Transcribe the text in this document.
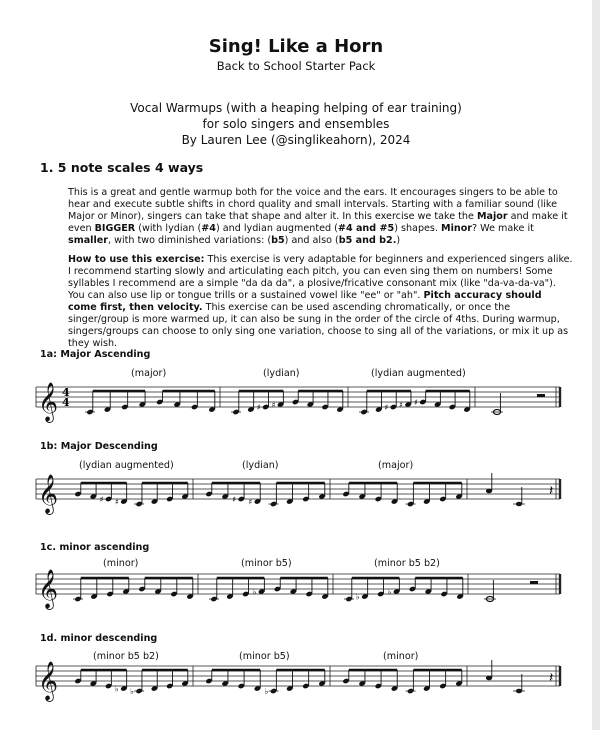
Sing! Like a Horn
Back to School Starter Pack
Vocal Warmups (with a heaping helping of ear training)
for solo singers and ensembles
By Lauren Lee (@singlikeahorn), 2024
1. 5 note scales 4 ways
This is a great and gentle warmup both for the voice and the ears. It encourages singers to be able to hear and execute subtle shifts in chord quality and small intervals. Starting with a familiar sound (like Major or Minor), singers can take that shape and alter it. In this exercise we take the Major and make it even BIGGER (with lydian (#4) and lydian augmented (#4 and #5) shapes. Minor? We make it smaller, with two diminished variations: (b5) and also (b5 and b2.)
How to use this exercise: This exercise is very adaptable for beginners and experienced singers alike. I recommend starting slowly and articulating each pitch, you can even sing them on numbers! Some syllables I recommend are a simple "da da da", a plosive/fricative consonant mix (like "da-va-da-va"). You can also use lip or tongue trills or a sustained vowel like "ee" or "ah". Pitch accuracy should come first, then velocity. This exercise can be used ascending chromatically, or once the singer/group is more warmed up, it can also be sung in the order of the circle of 4ths. During warmup, singers/groups can choose to only sing one variation, choose to sing all of the variations, or mix it up as they wish.
1a: Major Ascending
1b: Major Descending
1c. minor ascending
1d. minor descending
(major)	(lydian)	(lydian augmented)
(lydian augmented)	(lydian)	(major)
(minor)	(minor b5)	(minor b5 b2)
(minor b5 b2)	(minor b5)	(minor)
𝄞 4
4	♯ ♯	♯ ♯ ♯
𝄞	♯ ♯	♯ ♯
𝄽
𝄞	♭
♭
♭
𝄞	♭ ♭	♭
𝄽
